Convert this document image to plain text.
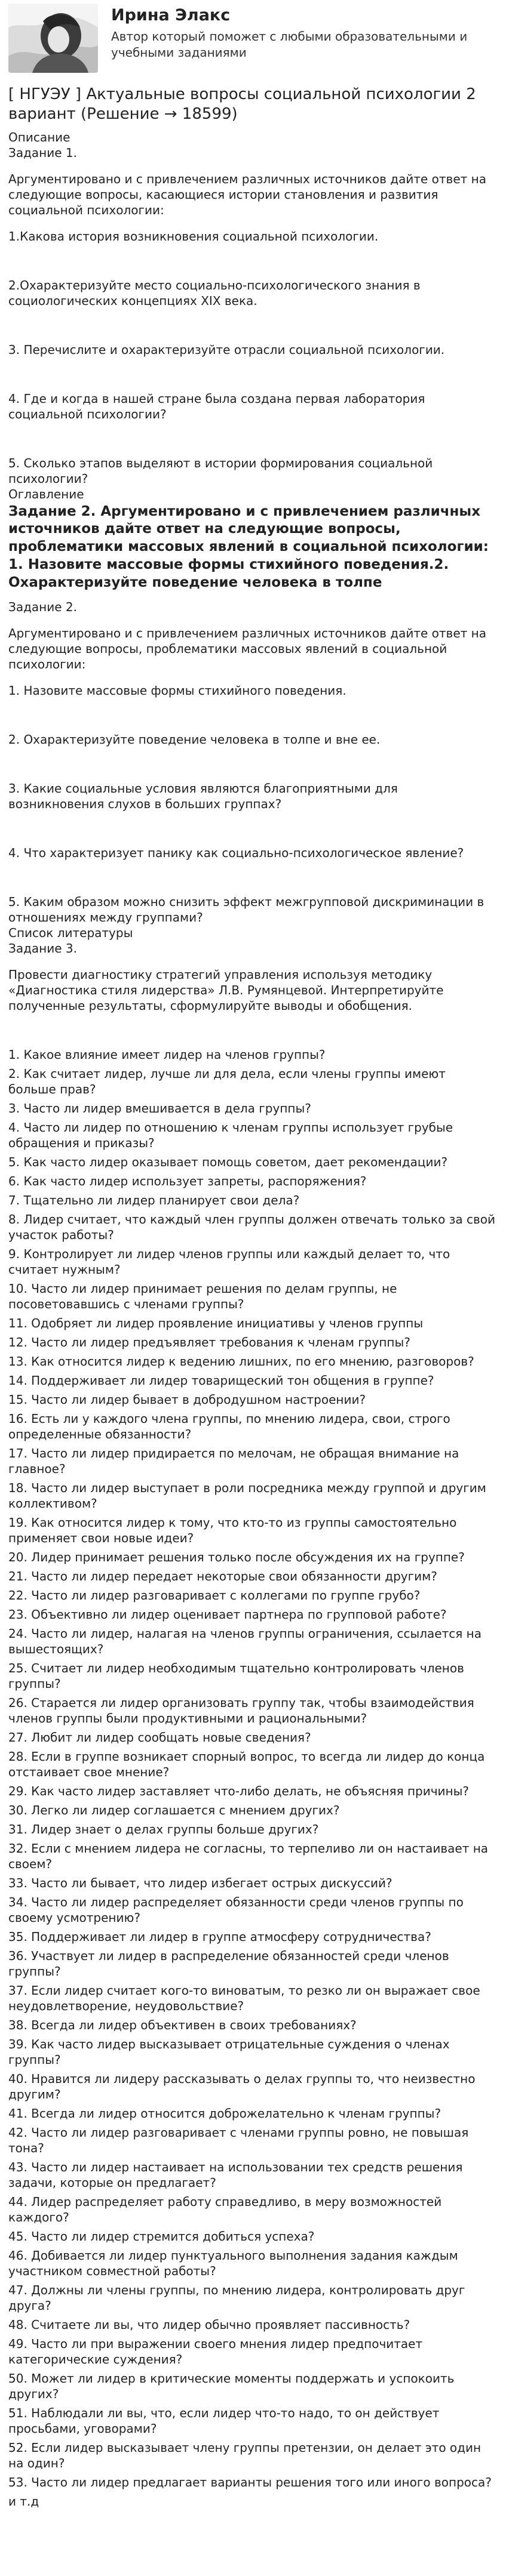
Ирина Элакс

Автор который поможет с любыми образовательными и учебными заданиями

[ НГУЭУ ] Актуальные вопросы социальной психологии 2 вариант (Решение → 18599)

Описание

Задание 1.

Аргументировано и с привлечением различных источников дайте ответ на следующие вопросы, касающиеся истории становления и развития социальной психологии:

1.Какова история возникновения социальной психологии.

2.Охарактеризуйте место социально-психологического знания в социологических концепциях XIX века.

3. Перечислите и охарактеризуйте отрасли социальной психологии.

4. Где и когда в нашей стране была создана первая лаборатория социальной психологии?

5. Сколько этапов выделяют в истории формирования социальной психологии?

Оглавление

Задание 2. Аргументировано и с привлечением различных источников дайте ответ на следующие вопросы, проблематики массовых явлений в социальной психологии: 1. Назовите массовые формы стихийного поведения.2. Охарактеризуйте поведение человека в толпе

Задание 2.

Аргументировано и с привлечением различных источников дайте ответ на следующие вопросы, проблематики массовых явлений в социальной психологии:

1. Назовите массовые формы стихийного поведения.

2. Охарактеризуйте поведение человека в толпе и вне ее.

3. Какие социальные условия являются благоприятными для возникновения слухов в больших группах?

4. Что характеризует панику как социально-психологическое явление?

5. Каким образом можно снизить эффект межгрупповой дискриминации в отношениях между группами?

Список литературы

Задание 3.

Провести диагностику стратегий управления используя методику «Диагностика стиля лидерства» Л.В. Румянцевой. Интерпретируйте полученные результаты, сформулируйте выводы и обобщения.

1. Какое влияние имеет лидер на членов группы?

2. Как считает лидер, лучше ли для дела, если члены группы имеют больше прав?

3. Часто ли лидер вмешивается в дела группы?

4. Часто ли лидер по отношению к членам группы использует грубые обращения и приказы?

5. Как часто лидер оказывает помощь советом, дает рекомендации?

6. Как часто лидер использует запреты, распоряжения?

7. Тщательно ли лидер планирует свои дела?

8. Лидер считает, что каждый член группы должен отвечать только за свой участок работы?

9. Контролирует ли лидер членов группы или каждый делает то, что считает нужным?

10. Часто ли лидер принимает решения по делам группы, не посоветовавшись с членами группы?

11. Одобряет ли лидер проявление инициативы у членов группы

12. Часто ли лидер предъявляет требования к членам группы?

13. Как относится лидер к ведению лишних, по его мнению, разговоров?

14. Поддерживает ли лидер товарищеский тон общения в группе?

15. Часто ли лидер бывает в добродушном настроении?

16. Есть ли у каждого члена группы, по мнению лидера, свои, строго определенные обязанности?

17. Часто ли лидер придирается по мелочам, не обращая внимание на главное?

18. Часто ли лидер выступает в роли посредника между группой и другим коллективом?

19. Как относится лидер к тому, что кто-то из группы самостоятельно применяет свои новые идеи?

20. Лидер принимает решения только после обсуждения их на группе?

21. Часто ли лидер передает некоторые свои обязанности другим?

22. Часто ли лидер разговаривает с коллегами по группе грубо?

23. Объективно ли лидер оценивает партнера по групповой работе?

24. Часто ли лидер, налагая на членов группы ограничения, ссылается на вышестоящих?

25. Считает ли лидер необходимым тщательно контролировать членов группы?

26. Старается ли лидер организовать группу так, чтобы взаимодействия членов группы были продуктивными и рациональными?

27. Любит ли лидер сообщать новые сведения?

28. Если в группе возникает спорный вопрос, то всегда ли лидер до конца отстаивает свое мнение?

29. Как часто лидер заставляет что-либо делать, не объясняя причины?

30. Легко ли лидер соглашается с мнением других?

31. Лидер знает о делах группы больше других?

32. Если с мнением лидера не согласны, то терпеливо ли он настаивает на своем?

33. Часто ли бывает, что лидер избегает острых дискуссий?

34. Часто ли лидер распределяет обязанности среди членов группы по своему усмотрению?

35. Поддерживает ли лидер в группе атмосферу сотрудничества?

36. Участвует ли лидер в распределение обязанностей среди членов группы?

37. Если лидер считает кого-то виноватым, то резко ли он выражает свое неудовлетворение, неудовольствие?

38. Всегда ли лидер объективен в своих требованиях?

39. Как часто лидер высказывает отрицательные суждения о членах группы?

40. Нравится ли лидеру рассказывать о делах группы то, что неизвестно другим?

41. Всегда ли лидер относится доброжелательно к членам группы?

42. Часто ли лидер разговаривает с членами группы ровно, не повышая тона?

43. Часто ли лидер настаивает на использовании тех средств решения задачи, которые он предлагает?

44. Лидер распределяет работу справедливо, в меру возможностей каждого?

45. Часто ли лидер стремится добиться успеха?

46. Добивается ли лидер пунктуального выполнения задания каждым участником совместной работы?

47. Должны ли члены группы, по мнению лидера, контролировать друг друга?

48. Считаете ли вы, что лидер обычно проявляет пассивность?

49. Часто ли при выражении своего мнения лидер предпочитает категорические суждения?

50. Может ли лидер в критические моменты поддержать и успокоить других?

51. Наблюдали ли вы, что, если лидер что-то надо, то он действует просьбами, уговорами?

52. Если лидер высказывает члену группы претензии, он делает это один на один?

53. Часто ли лидер предлагает варианты решения того или иного вопроса?

и т.д
